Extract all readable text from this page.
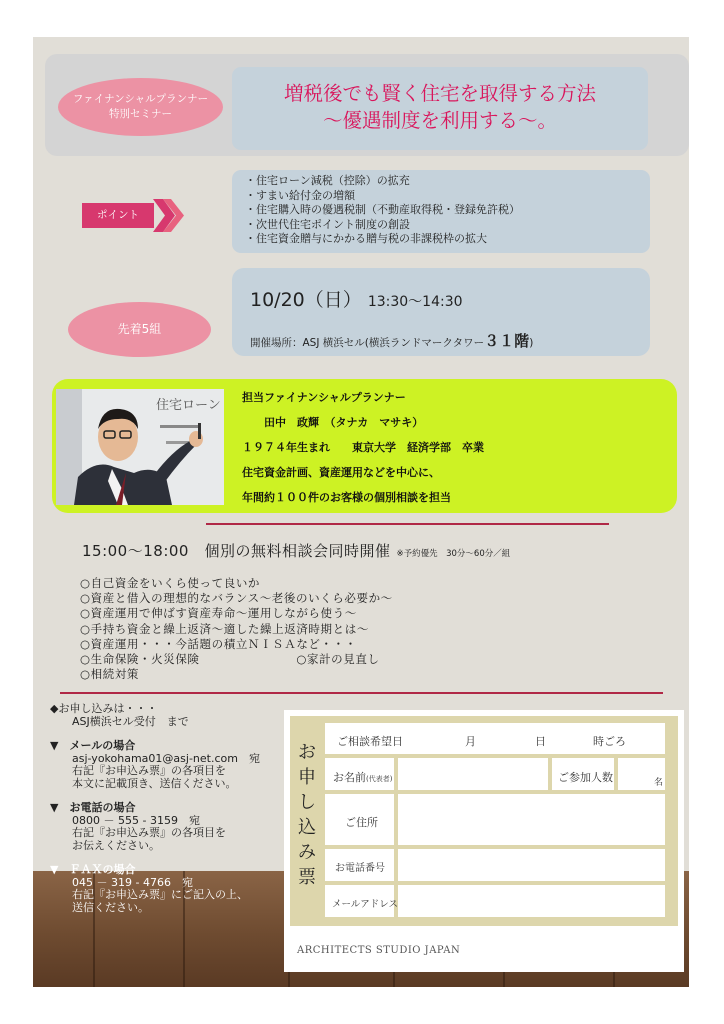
ファイナンシャルプランナー
特別セミナー
増税後でも賢く住宅を取得する方法
～優遇制度を利用する～。
ポイント
・住宅ローン減税（控除）の拡充
・すまい給付金の増額
・住宅購入時の優遇税制（不動産取得税・登録免許税）
・次世代住宅ポイント制度の創設
・住宅資金贈与にかかる贈与税の非課税枠の拡大
10/20（日） 13:30～14:30
開催場所：ASJ 横浜セル(横浜ランドマークタワー３１階)
先着5組
住宅ローン
担当ファイナンシャルプランナー
　　田中　政輝　（タナカ　マサキ）
１９７４年生まれ　　東京大学　経済学部　卒業
住宅資金計画、資産運用などを中心に、
年間約１００件のお客様の個別相談を担当
15:00～18:00　個別の無料相談会同時開催 ※予約優先　30分～60分／組
○自己資金をいくら使って良いか
○資産と借入の理想的なバランス～老後のいくら必要か～
○資産運用で伸ばす資産寿命～運用しながら使う～
○手持ち資金と繰上返済～適した繰上返済時期とは～
○資産運用・・・今話題の積立ＮＩＳＡなど・・・
○生命保険・火災保険　　　　　　　　○家計の見直し
○相続対策
◆お申し込みは・・・
ASJ横浜セル受付　まで
▼　メールの場合
asj-yokohama01@asj-net.com　宛
右記『お申込み票』の各項目を
本文に記載頂き、送信ください。
▼　お電話の場合
0800 － 555 - 3159　宛
右記『お申込み票』の各項目を
お伝えください。
▼　ＦＡＸの場合
045 － 319 - 4766　宛
右記『お申込み票』にご記入の上、
送信ください。
お
申
し
込
み
票
ご相談希望日	月	日	時ごろ
お名前(代表者)	ご参加人数	名
ご住所
お電話番号
メールアドレス
ARCHITECTS STUDIO JAPAN
